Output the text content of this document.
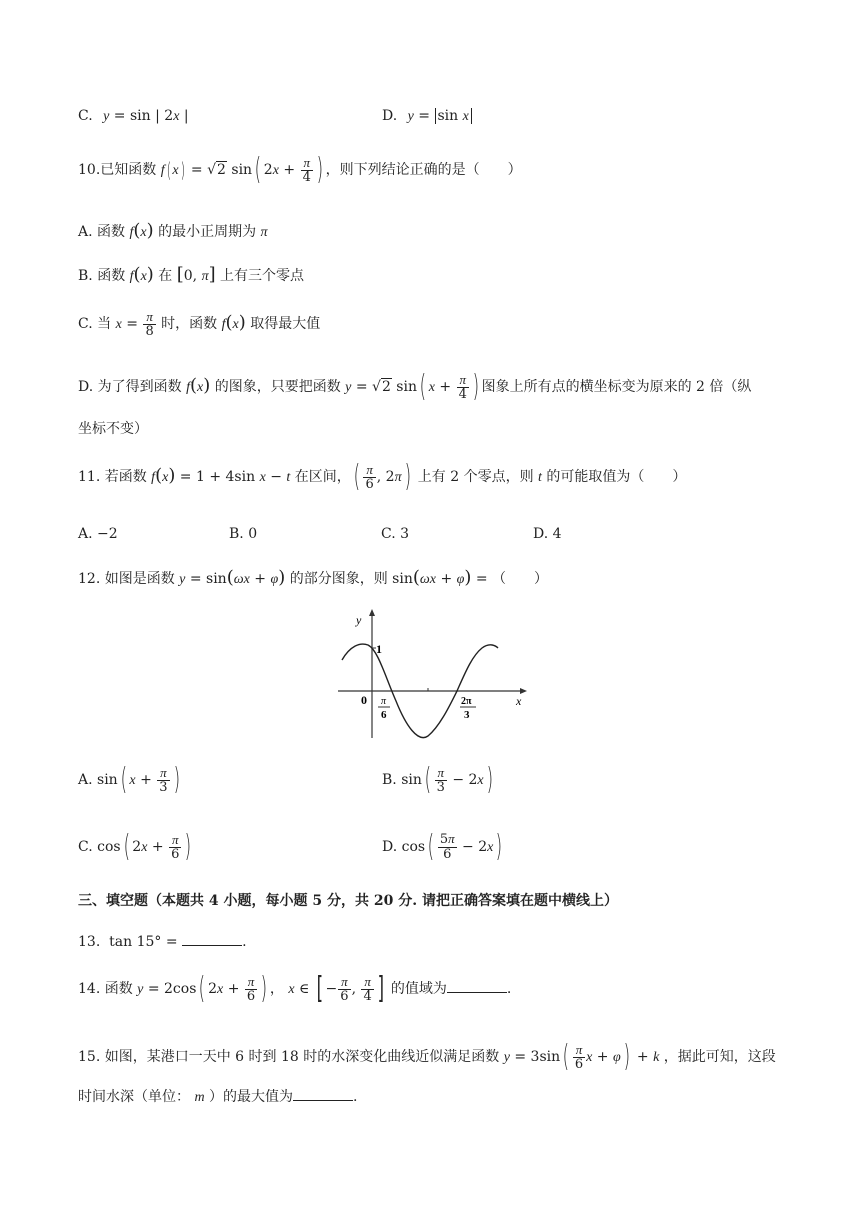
C. y = sin | 2x |	D. y = sin x
10.已知函数 f( x) = √2 sin( $2x + \frac{\pi}{4}$ ) ，则下列结论正确的是（　　）
A. 函数 f(x) 的最小正周期为 π
B. 函数 f(x) 在 [0, π] 上有三个零点
C. 当 $x = \frac{\pi}{8}$ 时，函数 f(x) 取得最大值
D. 为了得到函数 f(x) 的图象，只要把函数 y = √2 sin( $x + \frac{\pi}{4}$ ) 图象上所有点的横坐标变为原来的 2 倍（纵
坐标不变）
11. 若函数 f(x) = 1 + 4sin x − t 在区间，( $\frac{\pi}{6}$ , 2π) 上有 2 个零点，则 t 的可能取值为（　　）
A. −2	B. 0	C. 3	D. 4
12. 如图是函数 y = sin(ωx + φ) 的部分图象，则 sin(ωx + φ) = （　　）
y
x
0
1
π
6
2π
3
A. sin( $x + \frac{\pi}{3}$ )	B. $\sin( \frac{\pi}{3} - 2x)$
C. cos( $2x + \frac{\pi}{6}$ )	D. $\cos( \frac{5\pi}{6} - 2x)$
三、填空题（本题共 4 小题，每小题 5 分，共 20 分. 请把正确答案填在题中横线上）
13.  tan 15° =	.
14. 函数 y = 2cos( $2x + \frac{\pi}{6}$ ) ， x ∈ [ − $\frac{\pi}{6}$ , $\frac{\pi}{4}$ ] 的值域为	.
15. 如图，某港口一天中 6 时到 18 时的水深变化曲线近似满足函数 $y = 3\sin( \frac{\pi}{6}$ x + φ) + k ，据此可知，这段
时间水深（单位： m ）的最大值为	.
